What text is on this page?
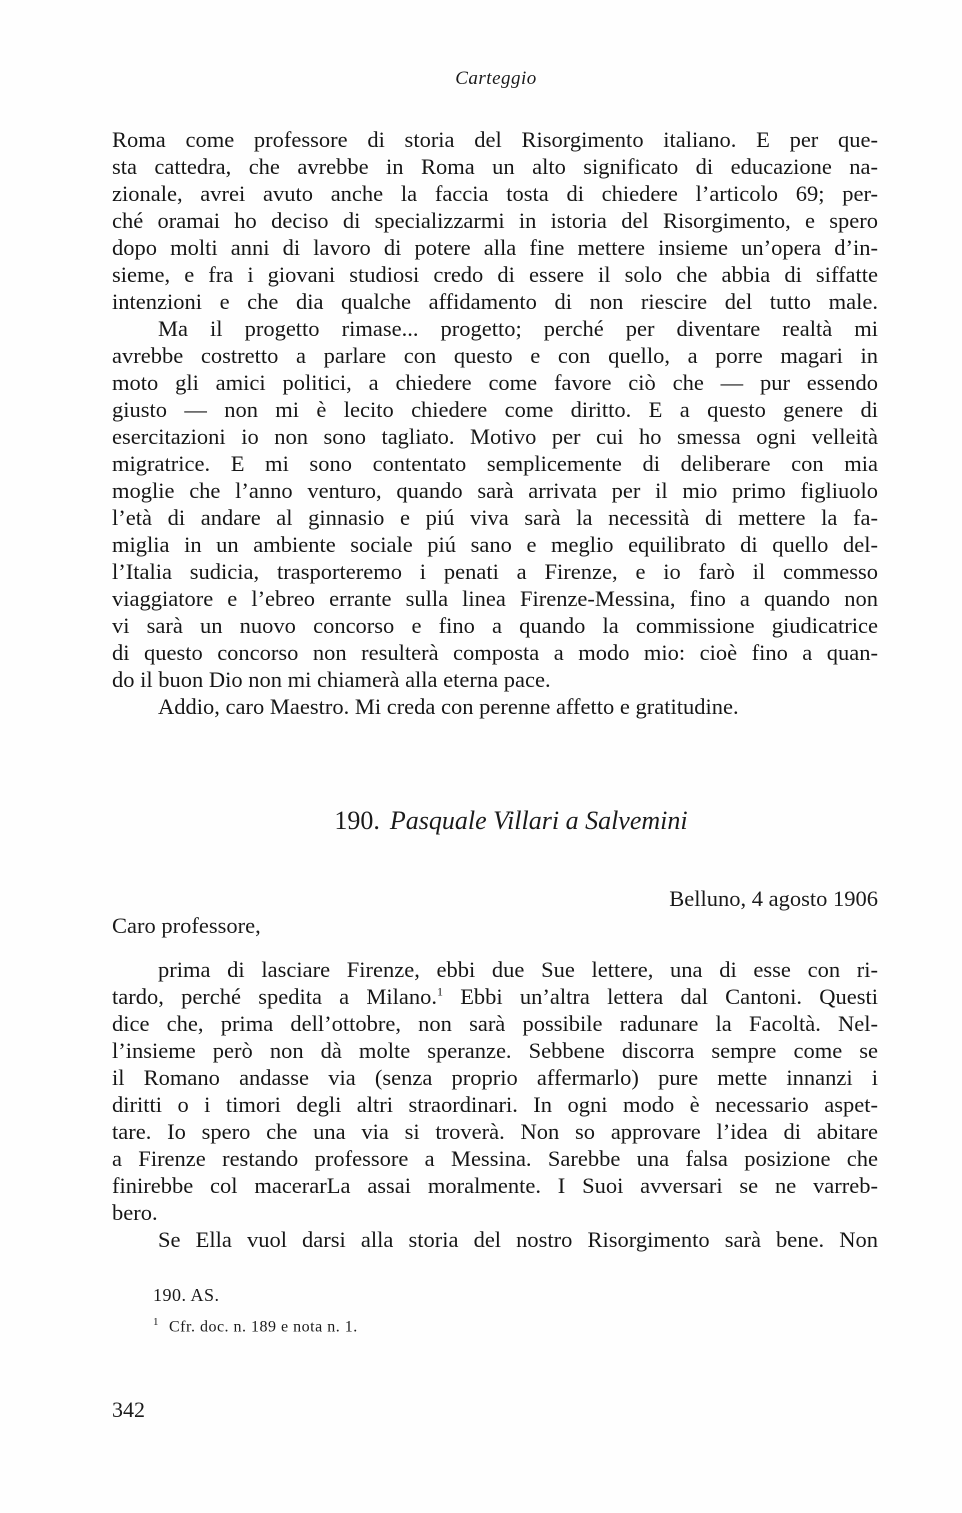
Carteggio
Roma come professore di storia del Risorgimento italiano. E per que-
sta cattedra, che avrebbe in Roma un alto significato di educazione na-
zionale, avrei avuto anche la faccia tosta di chiedere l’articolo 69; per-
ché oramai ho deciso di specializzarmi in istoria del Risorgimento, e spero
dopo molti anni di lavoro di potere alla fine mettere insieme un’opera d’in-
sieme, e fra i giovani studiosi credo di essere il solo che abbia di siffatte
intenzioni e che dia qualche affidamento di non riescire del tutto male.
Ma il progetto rimase... progetto; perché per diventare realtà mi
avrebbe costretto a parlare con questo e con quello, a porre magari in
moto gli amici politici, a chiedere come favore ciò che — pur essendo
giusto — non mi è lecito chiedere come diritto. E a questo genere di
esercitazioni io non sono tagliato. Motivo per cui ho smessa ogni velleità
migratrice. E mi sono contentato semplicemente di deliberare con mia
moglie che l’anno venturo, quando sarà arrivata per il mio primo figliuolo
l’età di andare al ginnasio e piú viva sarà la necessità di mettere la fa-
miglia in un ambiente sociale piú sano e meglio equilibrato di quello del-
l’Italia sudicia, trasporteremo i penati a Firenze, e io farò il commesso
viaggiatore e l’ebreo errante sulla linea Firenze-Messina, fino a quando non
vi sarà un nuovo concorso e fino a quando la commissione giudicatrice
di questo concorso non resulterà composta a modo mio: cioè fino a quan-
do il buon Dio non mi chiamerà alla eterna pace.
Addio, caro Maestro. Mi creda con perenne affetto e gratitudine.
190. Pasquale Villari a Salvemini
Belluno, 4 agosto 1906
Caro professore,
prima di lasciare Firenze, ebbi due Sue lettere, una di esse con ri-
tardo, perché spedita a Milano.$^1$ Ebbi un’altra lettera dal Cantoni. Questi
dice che, prima dell’ottobre, non sarà possibile radunare la Facoltà. Nel-
l’insieme però non dà molte speranze. Sebbene discorra sempre come se
il Romano andasse via (senza proprio affermarlo) pure mette innanzi i
diritti o i timori degli altri straordinari. In ogni modo è necessario aspet-
tare. Io spero che una via si troverà. Non so approvare l’idea di abitare
a Firenze restando professore a Messina. Sarebbe una falsa posizione che
finirebbe col macerarLa assai moralmente. I Suoi avversari se ne varreb-
bero.
Se Ella vuol darsi alla storia del nostro Risorgimento sarà bene. Non
190. AS.
$^1$ Cfr. doc. n. 189 e nota n. 1.
342
